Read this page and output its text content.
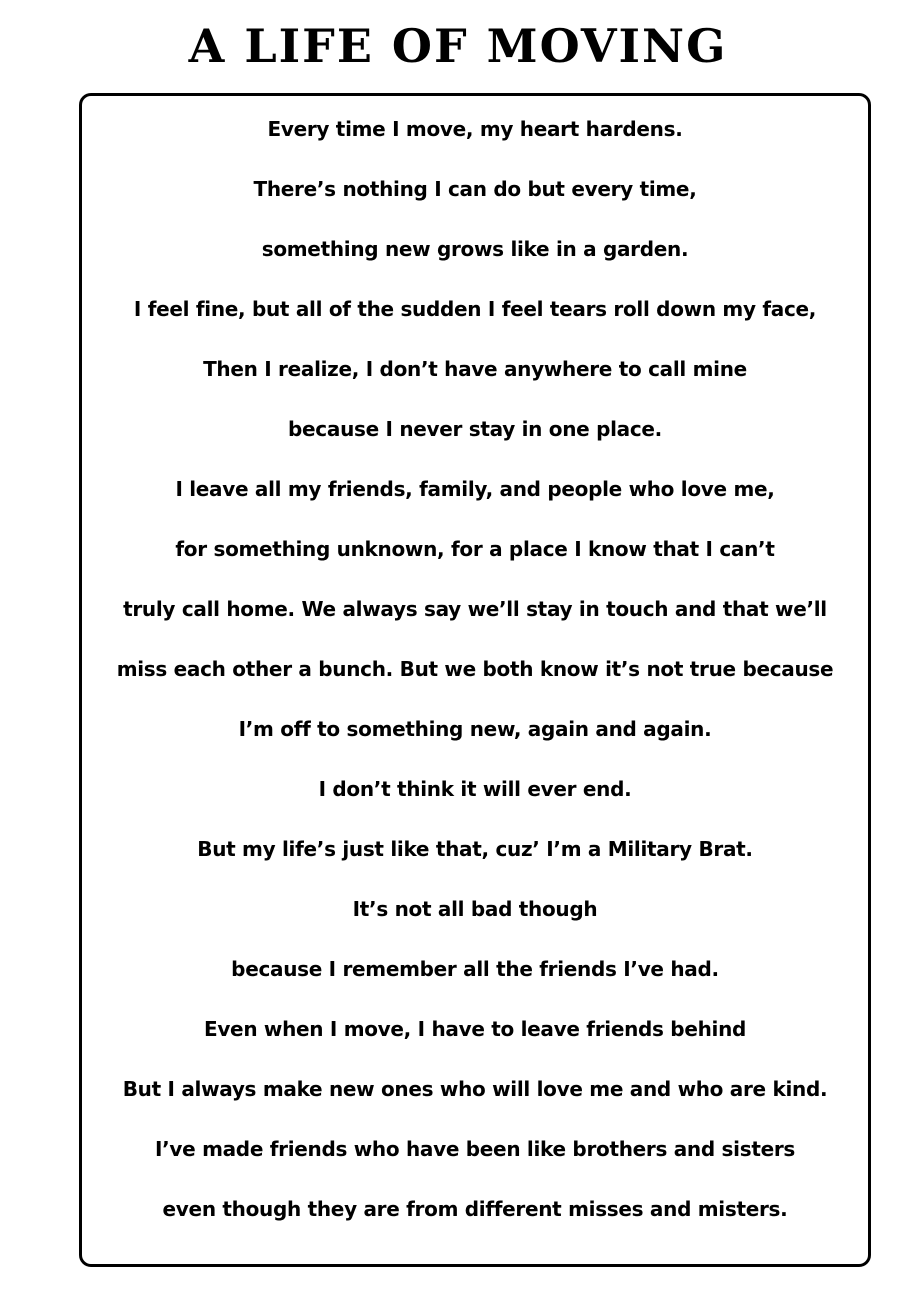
A LIFE OF MOVING
Every time I move, my heart hardens.
There’s nothing I can do but every time,
something new grows like in a garden.
I feel fine, but all of the sudden I feel tears roll down my face,
Then I realize, I don’t have anywhere to call mine
because I never stay in one place.
I leave all my friends, family, and people who love me,
for something unknown, for a place I know that I can’t
truly call home. We always say we’ll stay in touch and that we’ll
miss each other a bunch. But we both know it’s not true because
I’m off to something new, again and again.
I don’t think it will ever end.
But my life’s just like that, cuz’ I’m a Military Brat.
It’s not all bad though
because I remember all the friends I’ve had.
Even when I move, I have to leave friends behind
But I always make new ones who will love me and who are kind.
I’ve made friends who have been like brothers and sisters
even though they are from different misses and misters.
